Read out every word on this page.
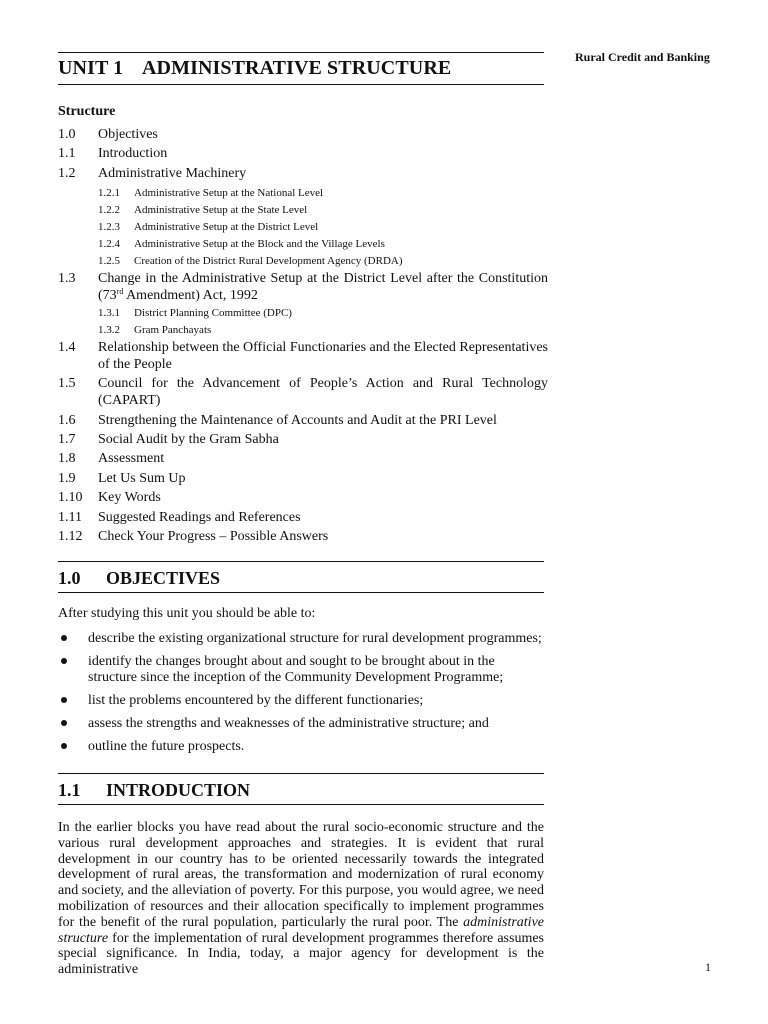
Rural Credit and Banking
UNIT 1 ADMINISTRATIVE STRUCTURE
Structure
1.0	Objectives
1.1	Introduction
1.2	Administrative Machinery
1.2.1	Administrative Setup at the National Level
1.2.2	Administrative Setup at the State Level
1.2.3	Administrative Setup at the District Level
1.2.4	Administrative Setup at the Block and the Village Levels
1.2.5	Creation of the District Rural Development Agency (DRDA)
1.3	Change in the Administrative Setup at the District Level after the Constitution (73rd Amendment) Act, 1992
1.3.1	District Planning Committee (DPC)
1.3.2	Gram Panchayats
1.4	Relationship between the Official Functionaries and the Elected Representatives of the People
1.5	Council for the Advancement of People’s Action and Rural Technology (CAPART)
1.6	Strengthening the Maintenance of Accounts and Audit at the PRI Level
1.7	Social Audit by the Gram Sabha
1.8	Assessment
1.9	Let Us Sum Up
1.10	Key Words
1.11	Suggested Readings and References
1.12	Check Your Progress – Possible Answers
1.0 OBJECTIVES
After studying this unit you should be able to:
describe the existing organizational structure for rural development programmes;
identify the changes brought about and sought to be brought about in the structure since the inception of the Community Development Programme;
list the problems encountered by the different functionaries;
assess the strengths and weaknesses of the administrative structure; and
outline the future prospects.
1.1 INTRODUCTION

In the earlier blocks you have read about the rural socio-economic structure and the various rural development approaches and strategies. It is evident that rural development in our country has to be oriented necessarily towards the integrated development of rural areas, the transformation and modernization of rural economy and society, and the alleviation of poverty. For this purpose, you would agree, we need mobilization of resources and their allocation specifically to implement programmes for the benefit of the rural population, particularly the rural poor. The administrative structure for the implementation of rural development programmes therefore assumes special significance. In India, today, a major agency for development is the administrative	1
